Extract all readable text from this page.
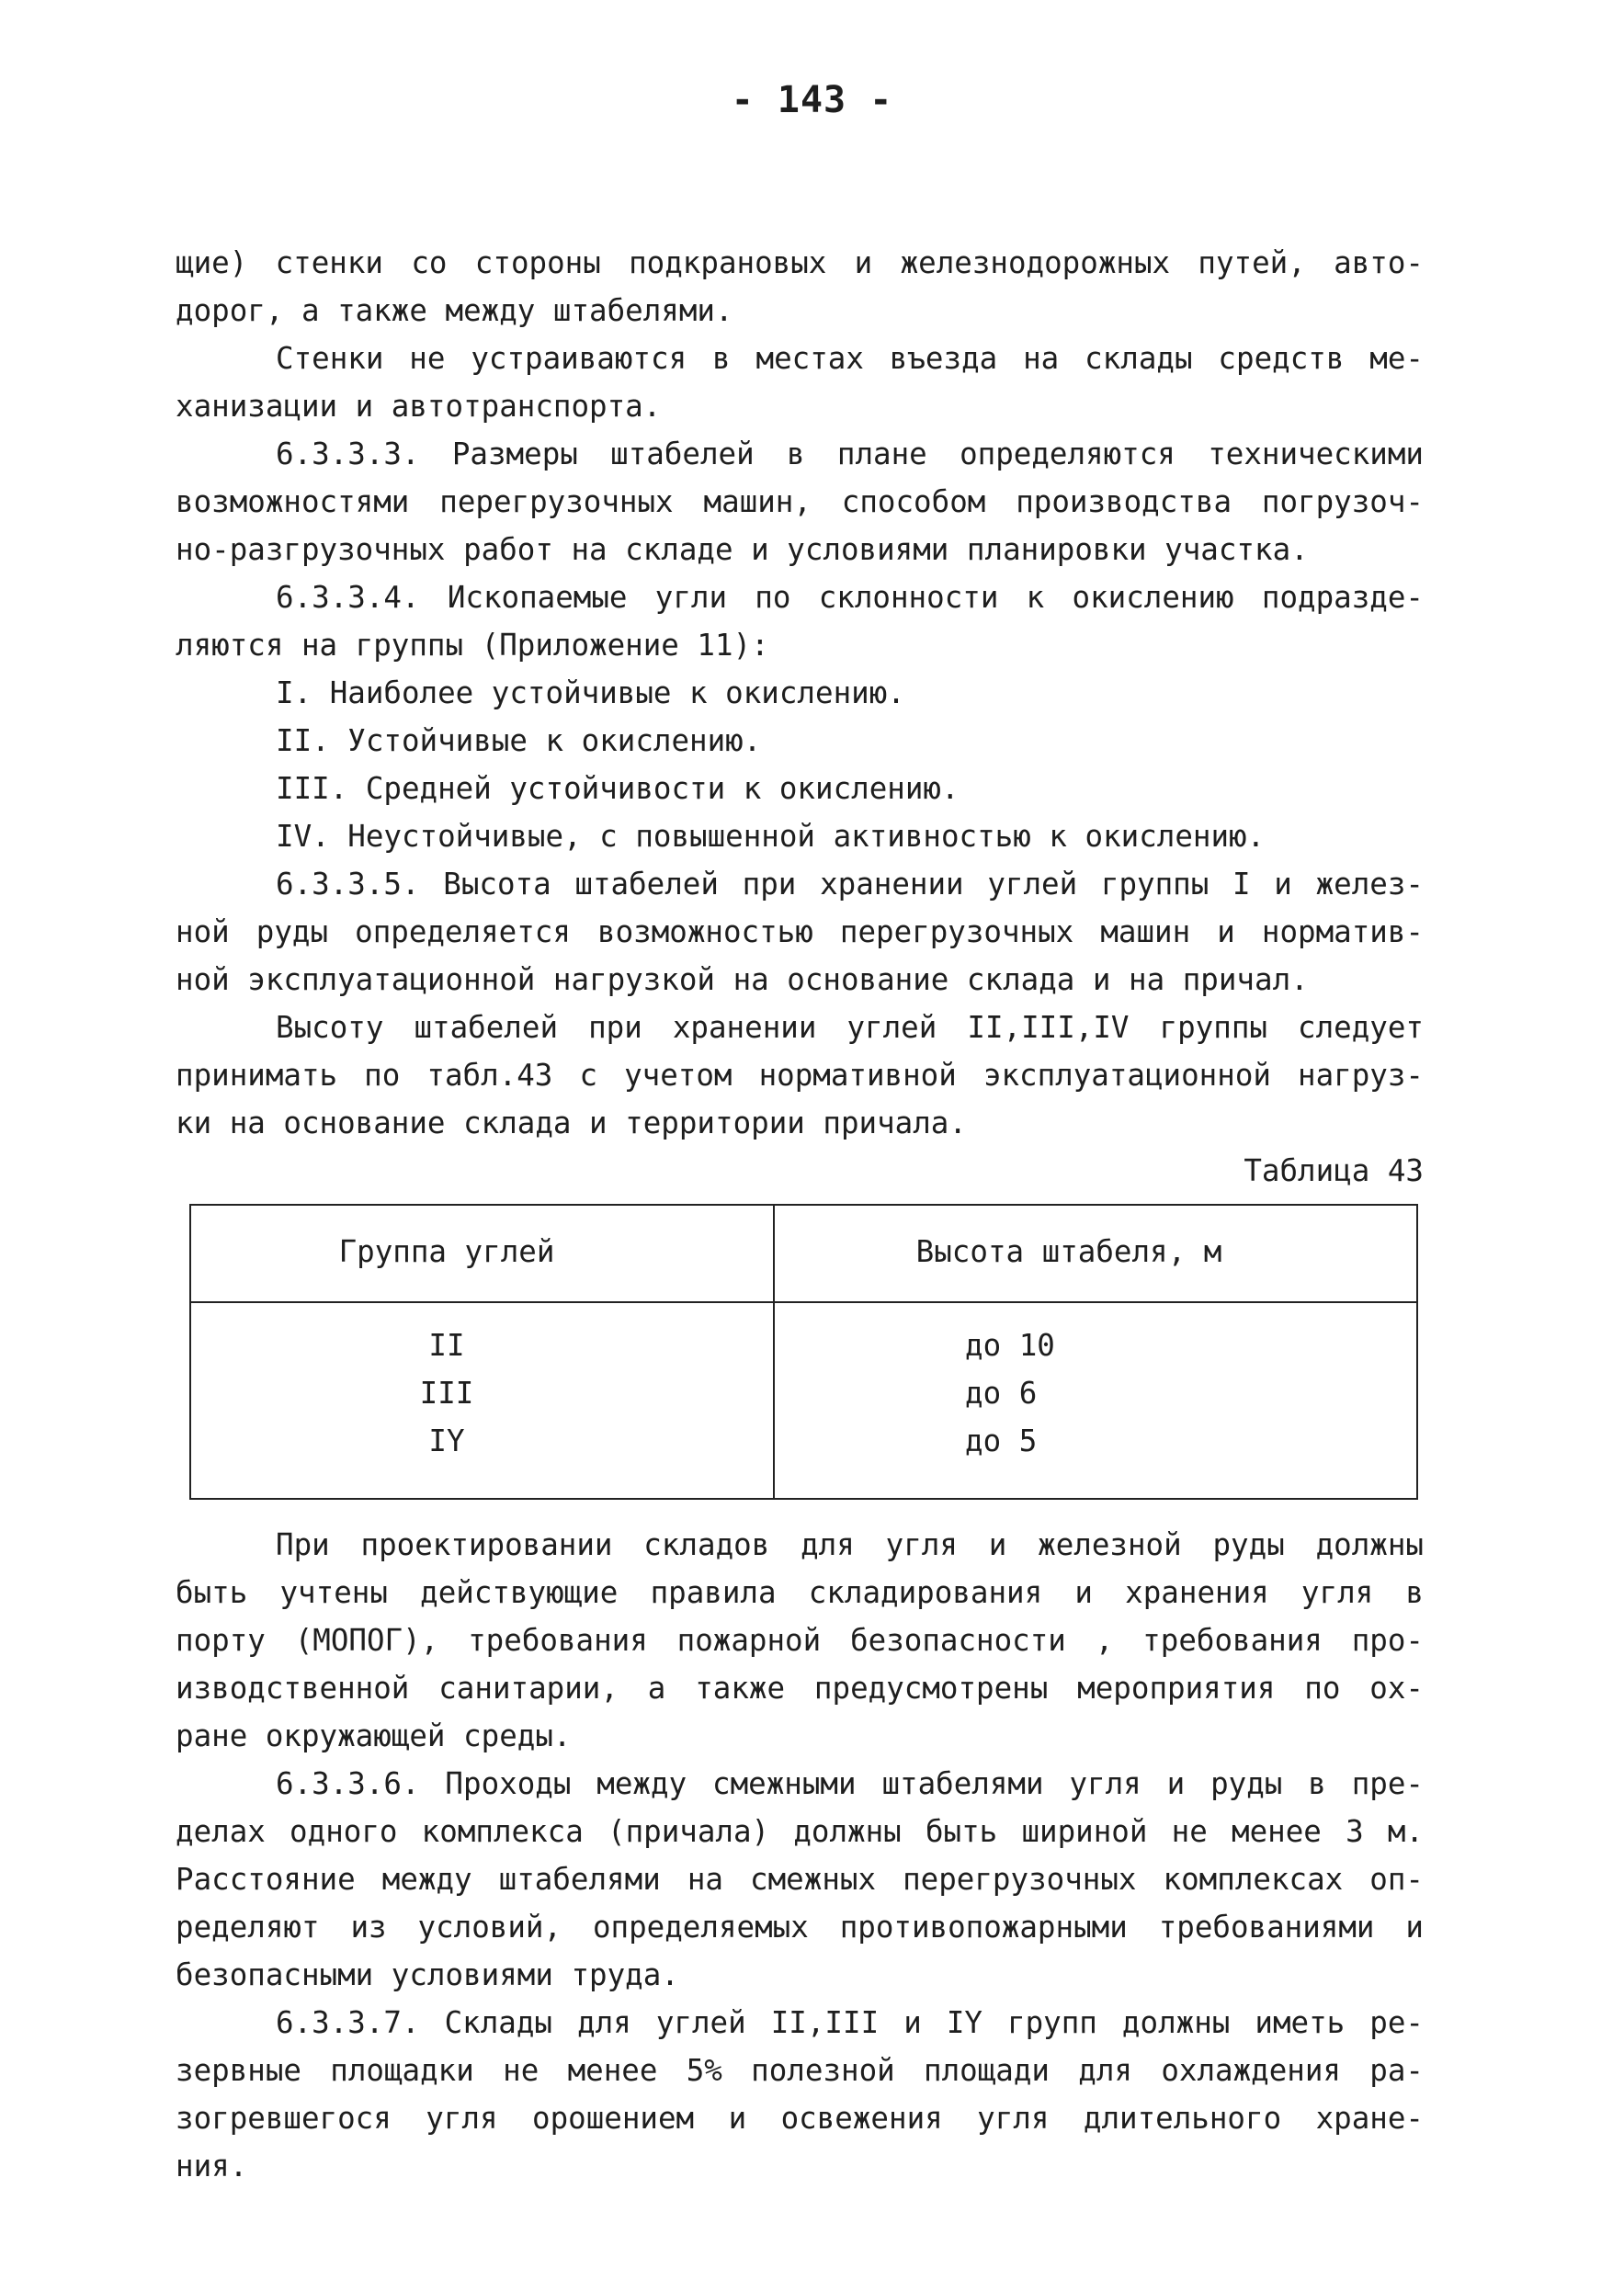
- 143 -

щие) стенки со стороны подкрановых и железнодорожных путей, авто-

дорог, а также между штабелями.

Стенки не устраиваются в местах въезда на склады средств ме-

ханизации и автотранспорта.

6.3.3.3. Размеры штабелей в плане определяются техническими

возможностями перегрузочных машин, способом производства погрузоч-

но-разгрузочных работ на складе и условиями планировки участка.

6.3.3.4. Ископаемые угли по склонности к окислению подразде-

ляются на группы (Приложение 11):

I. Наиболее устойчивые к окислению.

II. Устойчивые к окислению.

III. Средней устойчивости к окислению.

IV. Неустойчивые, с повышенной активностью к окислению.

6.3.3.5. Высота штабелей при хранении углей группы I и желез-

ной руды определяется возможностью перегрузочных машин и норматив-

ной эксплуатационной нагрузкой на основание склада и на причал.

Высоту штабелей при хранении углей II,III,IV группы следует

принимать по табл.43 с учетом нормативной эксплуатационной нагруз-

ки на основание склада и территории причала.

Таблица 43

Группа углей	Высота штабеля, м
II	до 10
III	до 6
IY	до 5

При проектировании складов для угля и железной руды должны

быть учтены действующие правила складирования и хранения угля в

порту (МОПОГ), требования пожарной безопасности , требования про-

изводственной санитарии, а также предусмотрены мероприятия по ох-

ране окружающей среды.

6.3.3.6. Проходы между смежными штабелями угля и руды в пре-

делах одного комплекса (причала) должны быть шириной не менее 3 м.

Расстояние между штабелями на смежных перегрузочных комплексах оп-

ределяют из условий, определяемых противопожарными требованиями и

безопасными условиями труда.

6.3.3.7. Склады для углей II,III и IY групп должны иметь ре-

зервные площадки не менее 5% полезной площади для охлаждения ра-

зогревшегося угля орошением и освежения угля длительного хране-

ния.
